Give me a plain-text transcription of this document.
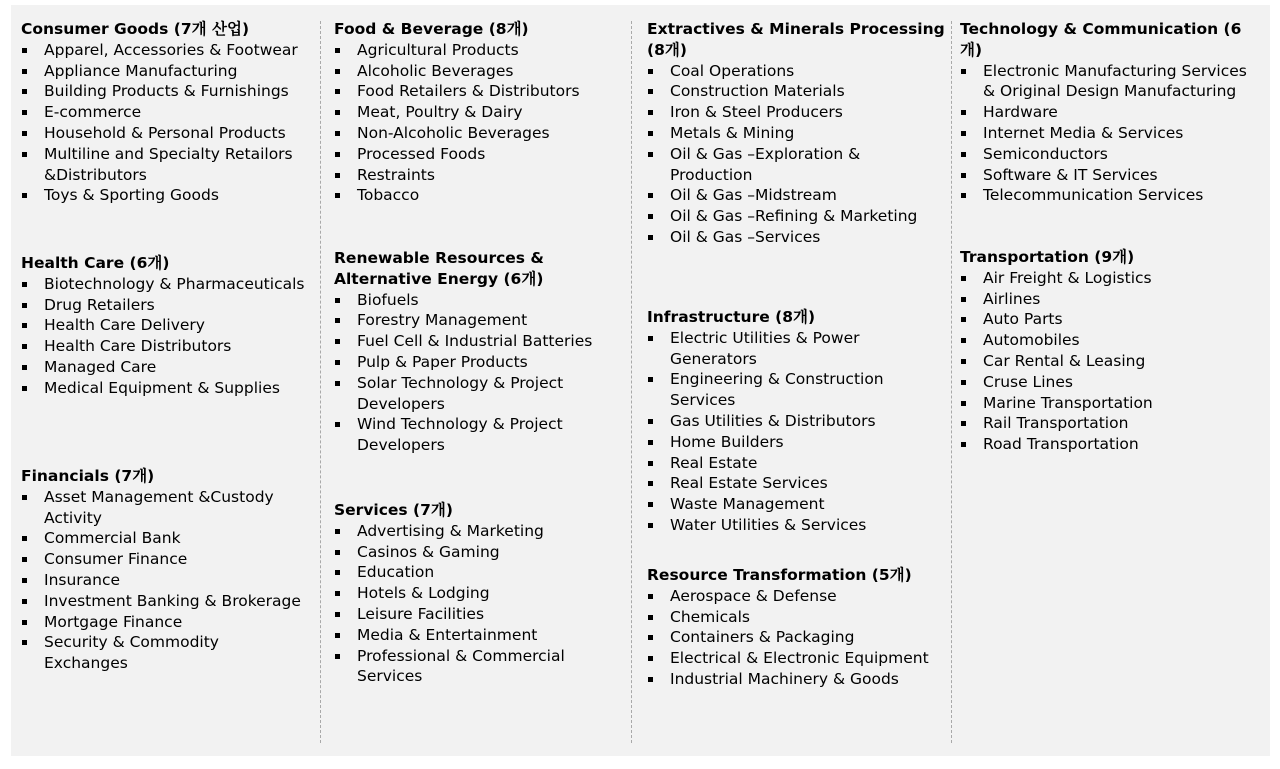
Consumer Goods (7개 산업)
Apparel, Accessories & Footwear
Appliance Manufacturing
Building Products & Furnishings
E-commerce
Household & Personal Products
Multiline and Specialty Retailors
&Distributors
Toys & Sporting Goods
Health Care (6개)
Biotechnology & Pharmaceuticals
Drug Retailers
Health Care Delivery
Health Care Distributors
Managed Care
Medical Equipment & Supplies
Financials (7개)
Asset Management &Custody
Activity
Commercial Bank
Consumer Finance
Insurance
Investment Banking & Brokerage
Mortgage Finance
Security & Commodity
Exchanges
Food & Beverage (8개)
Agricultural Products
Alcoholic Beverages
Food Retailers & Distributors
Meat, Poultry & Dairy
Non-Alcoholic Beverages
Processed Foods
Restraints
Tobacco
Renewable Resources &
Alternative Energy (6개)
Biofuels
Forestry Management
Fuel Cell & Industrial Batteries
Pulp & Paper Products
Solar Technology & Project
Developers
Wind Technology & Project
Developers
Services (7개)
Advertising & Marketing
Casinos & Gaming
Education
Hotels & Lodging
Leisure Facilities
Media & Entertainment
Professional & Commercial
Services
Extractives & Minerals Processing
(8개)
Coal Operations
Construction Materials
Iron & Steel Producers
Metals & Mining
Oil & Gas –Exploration &
Production
Oil & Gas –Midstream
Oil & Gas –Refining & Marketing
Oil & Gas –Services
Infrastructure (8개)
Electric Utilities & Power
Generators
Engineering & Construction
Services
Gas Utilities & Distributors
Home Builders
Real Estate
Real Estate Services
Waste Management
Water Utilities & Services
Resource Transformation (5개)
Aerospace & Defense
Chemicals
Containers & Packaging
Electrical & Electronic Equipment
Industrial Machinery & Goods
Technology & Communication (6개)
Electronic Manufacturing Services
& Original Design Manufacturing
Hardware
Internet Media & Services
Semiconductors
Software & IT Services
Telecommunication Services
Transportation (9개)
Air Freight & Logistics
Airlines
Auto Parts
Automobiles
Car Rental & Leasing
Cruse Lines
Marine Transportation
Rail Transportation
Road Transportation
